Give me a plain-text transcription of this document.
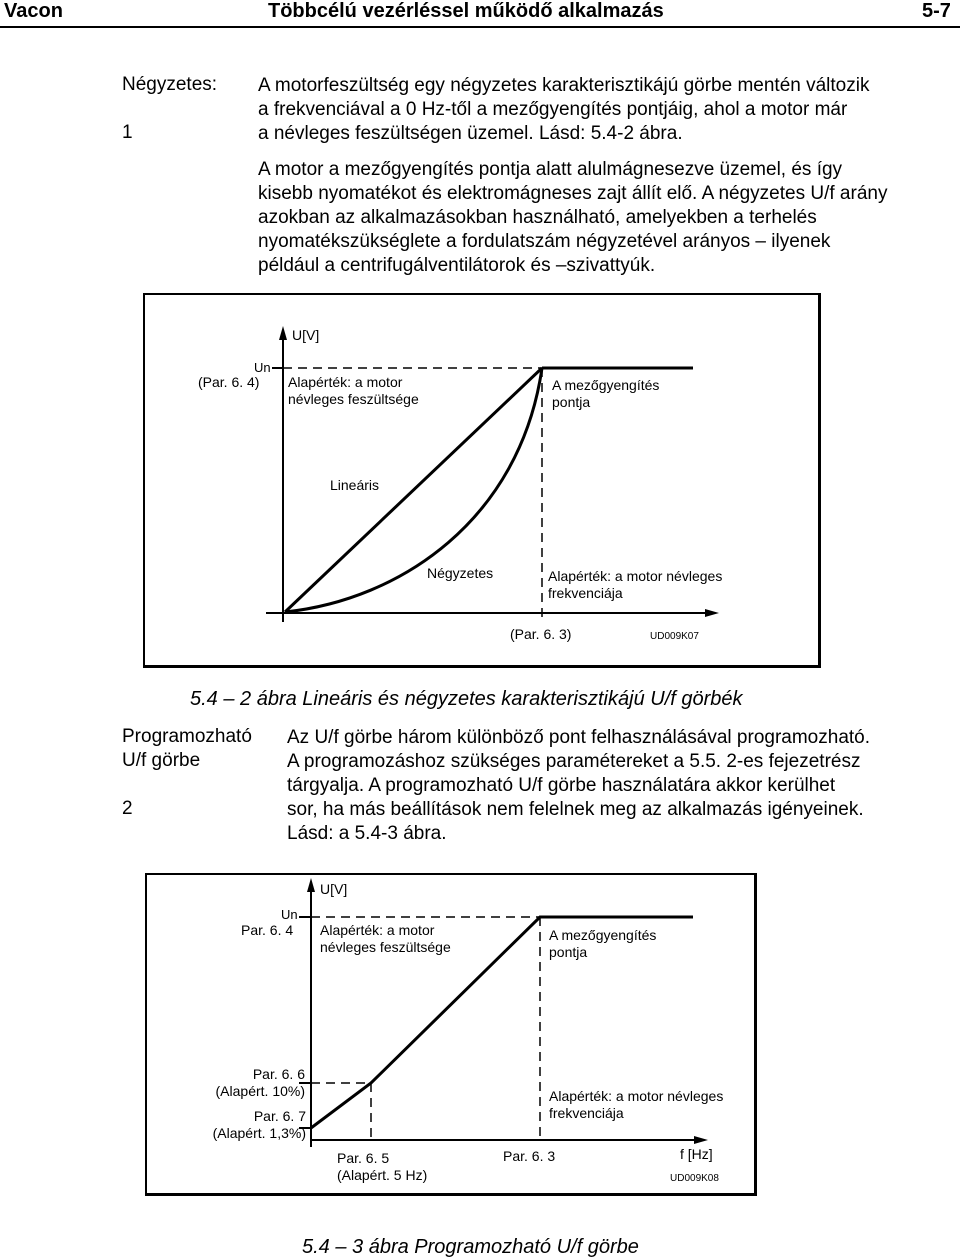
Vacon	Többcélú vezérléssel működő alkalmazás	5-7
Négyzetes:
1
A motorfeszültség egy négyzetes karakterisztikájú görbe mentén változik
a frekvenciával a 0 Hz-től a mezőgyengítés pontjáig, ahol a motor már
a névleges feszültségen üzemel. Lásd: 5.4-2 ábra.
A motor a mezőgyengítés pontja alatt alulmágnesezve üzemel, és így
kisebb nyomatékot és elektromágneses zajt állít elő. A négyzetes U/f arány
azokban az alkalmazásokban használható, amelyekben a terhelés
nyomatékszükséglete a fordulatszám négyzetével arányos – ilyenek
például a centrifugálventilátorok és –szivattyúk.
U[V]
Un
(Par. 6. 4) Alapérték: a motor
névleges feszültsége
A mezőgyengítés
pontja
Lineáris
Négyzetes	Alapérték: a motor névleges
frekvenciája
(Par. 6. 3)	UD009K07
5.4 – 2 ábra Lineáris és négyzetes karakterisztikájú U/f görbék
Programozható
U/f görbe
2
Az U/f görbe három különböző pont felhasználásával programozható.
A programozáshoz szükséges paramétereket a 5.5. 2-es fejezetrész
tárgyalja. A programozható U/f görbe használatára akkor kerülhet
sor, ha más beállítások nem felelnek meg az alkalmazás igényeinek.
Lásd: a 5.4-3 ábra.
U[V]
Un
Par. 6. 4 Alapérték: a motor
névleges feszültsége
A mezőgyengítés
pontja
Par. 6. 6
(Alapért. 10%)
Par. 6. 7
(Alapért. 1,3%)
Alapérték: a motor névleges
frekvenciája
Par. 6. 5
(Alapért. 5 Hz)
Par. 6. 3	f [Hz]
UD009K08
5.4 – 3 ábra Programozható U/f görbe
